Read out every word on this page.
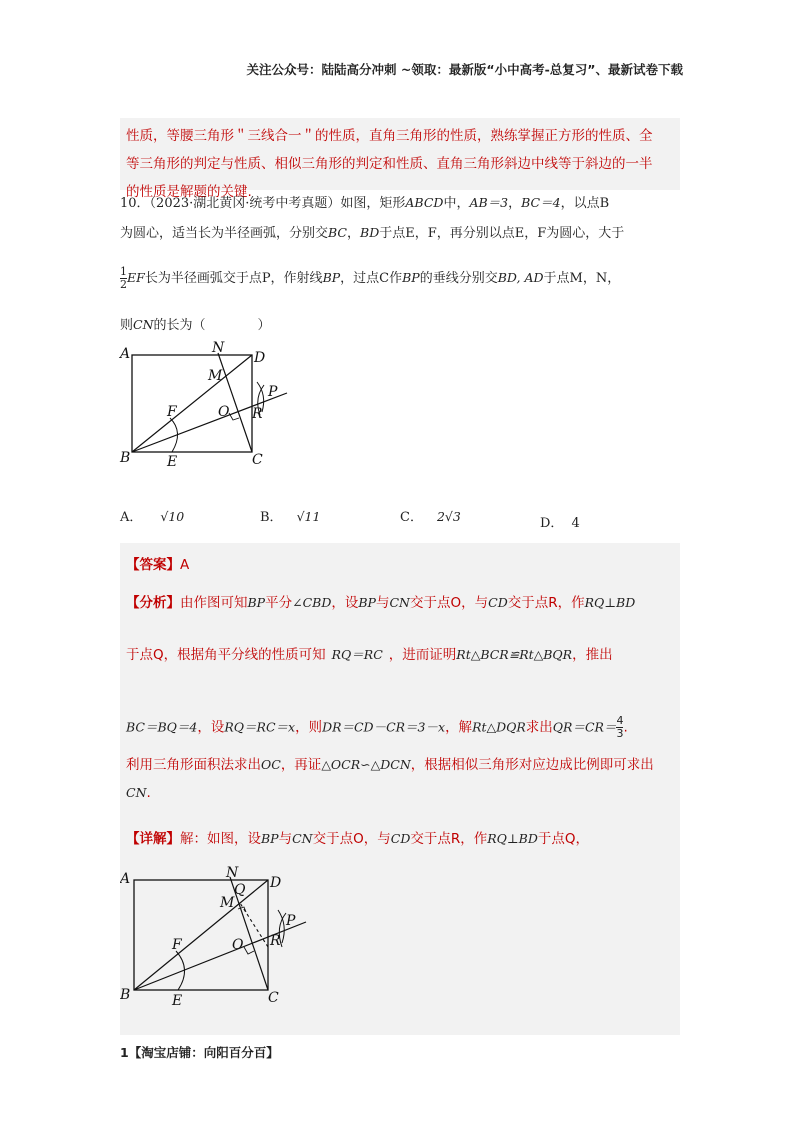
关注公众号：陆陆高分冲刺 ~领取：最新版“小中高考-总复习”、最新试卷下载
性质，等腰三角形＂三线合一＂的性质，直角三角形的性质，熟练掌握正方形的性质、全
等三角形的判定与性质、相似三角形的判定和性质、直角三角形斜边中线等于斜边的一半
的性质是解题的关键.
10．（2023·湖北黄冈·统考中考真题）如图，矩形ABCD中，AB＝3，BC＝4，以点B
为圆心，适当长为半径画弧，分别交BC，BD于点E，F，再分别以点E，F为圆心，大于
$\frac{1}{2}$ EF长为半径画弧交于点P，作射线BP，过点C作BP的垂线分别交BD, AD于点M，N，
则CN的长为（　　　　）
A
B	C
D
N
M
F	O R
P
E
A． √10	B． √11	C． 2√3	D． 4
【答案】A
【分析】由作图可知BP平分∠CBD，设BP与CN交于点O，与CD交于点R，作RQ⊥BD
于点Q，根据角平分线的性质可知 RQ＝RC ，进而证明Rt△BCR≌Rt△BQR，推出
BC＝BQ＝4，设RQ＝RC＝x，则DR＝CD－CR＝3－x，解Rt△DQR求出$QR=CR= \frac{4}{3}$ .
利用三角形面积法求出OC，再证△OCR∽△DCN，根据相似三角形对应边成比例即可求出
CN.
【详解】解：如图，设BP与CN交于点O，与CD交于点R，作RQ⊥BD于点Q，
A
B	C
D
N
Q
M
F	O R
P
E
1【淘宝店铺：向阳百分百】
